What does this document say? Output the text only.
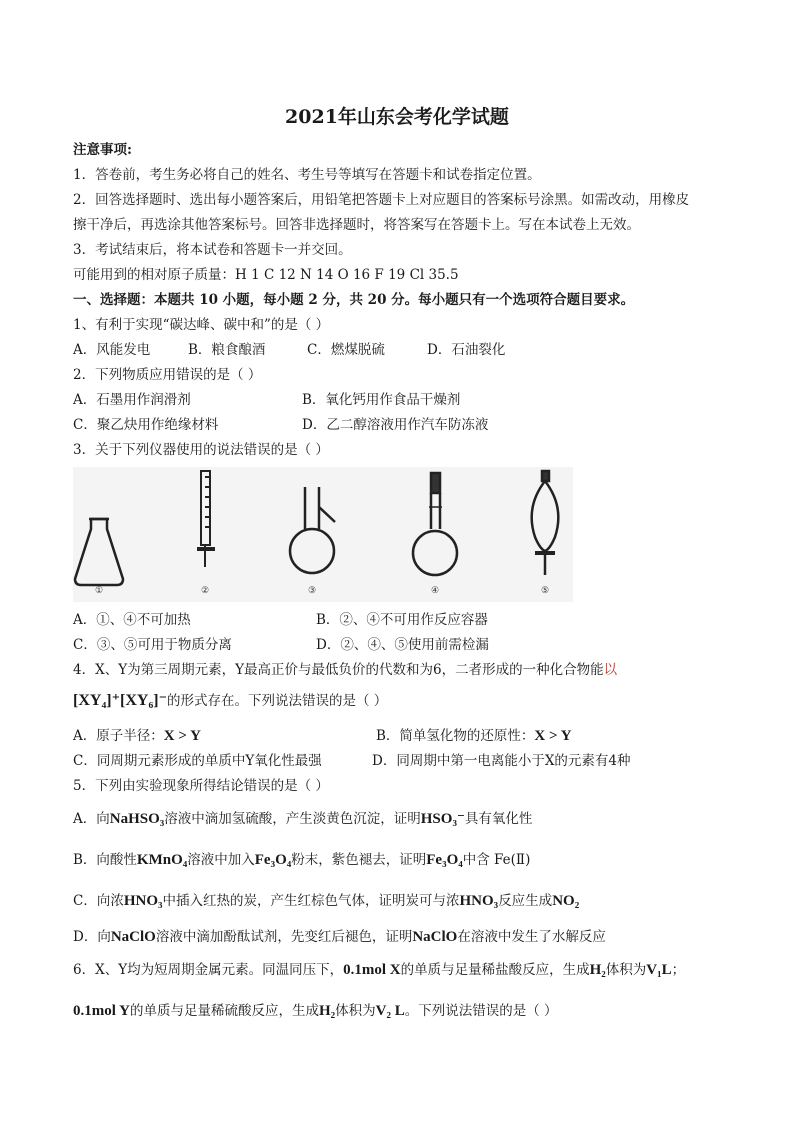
2021年山东会考化学试题
注意事项:
1．答卷前，考生务必将自己的姓名、考生号等填写在答题卡和试卷指定位置。
2．回答选择题时、选出每小题答案后，用铅笔把答题卡上对应题目的答案标号涂黑。如需改动，用橡皮
擦干净后，再选涂其他答案标号。回答非选择题时，将答案写在答题卡上。写在本试卷上无效。
3．考试结束后，将本试卷和答题卡一并交回。
可能用到的相对原子质量：H 1 C 12 N 14 O 16 F 19 Cl 35.5
一、选择题：本题共 10 小题，每小题 2 分，共 20 分。每小题只有一个选项符合题目要求。
1、有利于实现“碳达峰、碳中和”的是（ ）
A．风能发电	B．粮食酿酒	C．燃煤脱硫	D．石油裂化
2．下列物质应用错误的是（ ）
A．石墨用作润滑剂	B．氧化钙用作食品干燥剂
C．聚乙炔用作绝缘材料	D．乙二醇溶液用作汽车防冻液
3．关于下列仪器使用的说法错误的是（ ）
①	②	③	④	⑤
A．①、④不可加热	B．②、④不可用作反应容器
C．③、⑤可用于物质分离	D．②、④、⑤使用前需检漏
4．X、Y为第三周期元素，Y最高正价与最低负价的代数和为6，二者形成的一种化合物能以
[XY₄]⁺[XY₆]⁻的形式存在。下列说法错误的是（ ）
A．原子半径：X > Y	B．简单氢化物的还原性：X > Y
C．同周期元素形成的单质中Y氧化性最强	D．同周期中第一电离能小于X的元素有4种
5．下列由实验现象所得结论错误的是（ ）
A．向NaHSO₃溶液中滴加氢硫酸，产生淡黄色沉淀，证明HSO₃⁻具有氧化性
B．向酸性KMnO₄溶液中加入Fe₃O₄粉末，紫色褪去，证明Fe₃O₄中含 Fe(Ⅱ)
C．向浓HNO₃中插入红热的炭，产生红棕色气体，证明炭可与浓HNO₃反应生成NO₂
D．向NaClO溶液中滴加酚酞试剂，先变红后褪色，证明NaClO在溶液中发生了水解反应
6．X、Y均为短周期金属元素。同温同压下，0.1mol X的单质与足量稀盐酸反应，生成H₂体积为V₁L；
0.1mol Y的单质与足量稀硫酸反应，生成H₂体积为V₂ L。下列说法错误的是（ ）
